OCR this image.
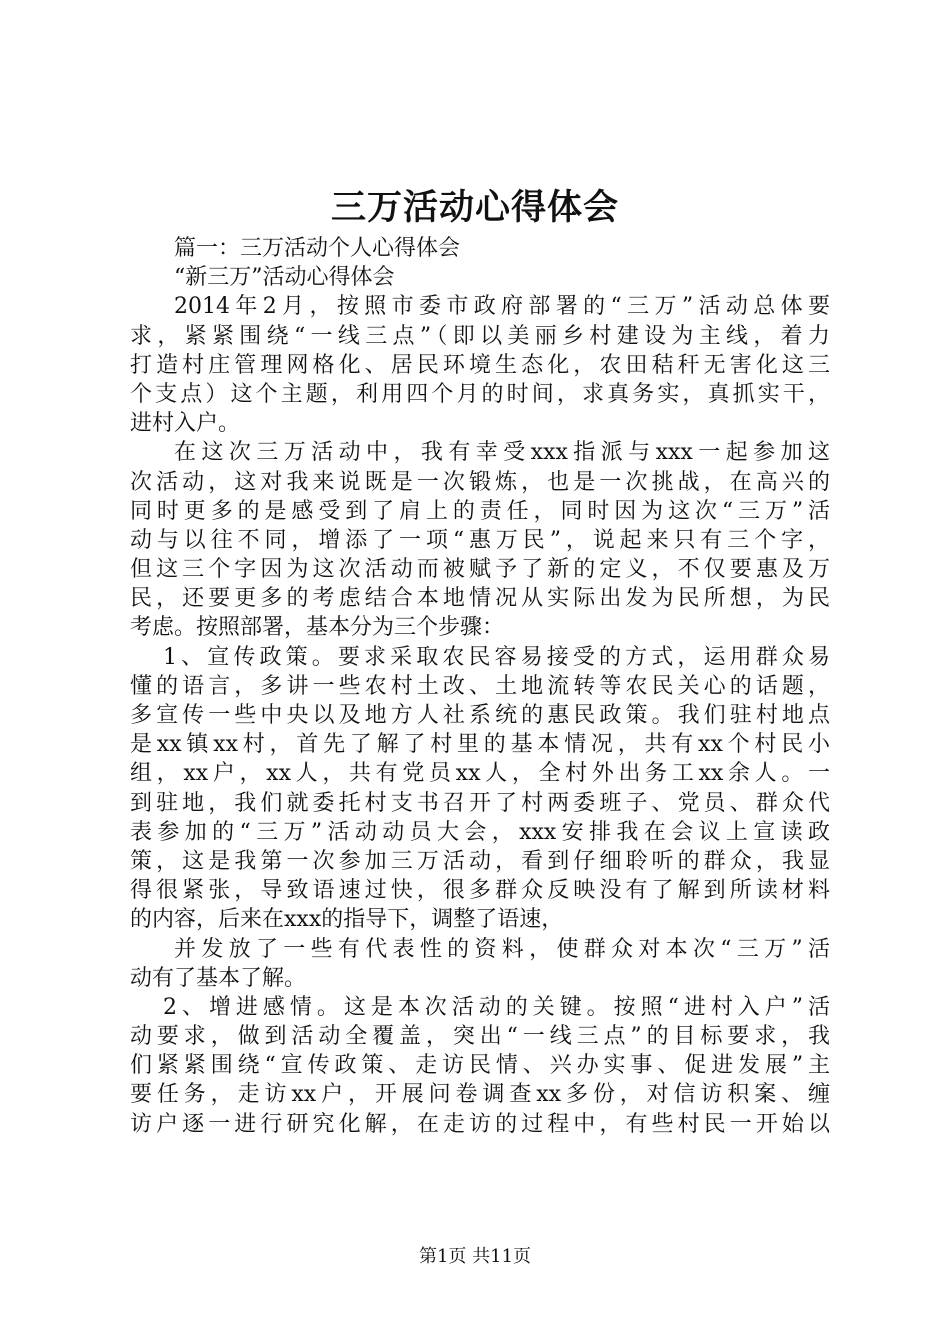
三万活动心得体会
篇一：三万活动个人心得体会
“新三万”活动心得体会
2014年2月，按照市委市政府部署的“三万”活动总体要
求，紧紧围绕“一线三点”（即以美丽乡村建设为主线，着力
打造村庄管理网格化、居民环境生态化，农田秸秆无害化这三
个支点）这个主题，利用四个月的时间，求真务实，真抓实干，
进村入户。
在这次三万活动中，我有幸受xxx指派与xxx一起参加这
次活动，这对我来说既是一次锻炼，也是一次挑战，在高兴的
同时更多的是感受到了肩上的责任，同时因为这次“三万”活
动与以往不同，增添了一项“惠万民”，说起来只有三个字，
但这三个字因为这次活动而被赋予了新的定义，不仅要惠及万
民，还要更多的考虑结合本地情况从实际出发为民所想，为民
考虑。按照部署，基本分为三个步骤：
1、宣传政策。要求采取农民容易接受的方式，运用群众易
懂的语言，多讲一些农村土改、土地流转等农民关心的话题，
多宣传一些中央以及地方人社系统的惠民政策。我们驻村地点
是xx镇xx村，首先了解了村里的基本情况，共有xx个村民小
组，xx户，xx人，共有党员xx人，全村外出务工xx余人。一
到驻地，我们就委托村支书召开了村两委班子、党员、群众代
表参加的“三万”活动动员大会，xxx安排我在会议上宣读政
策，这是我第一次参加三万活动，看到仔细聆听的群众，我显
得很紧张，导致语速过快，很多群众反映没有了解到所读材料
的内容，后来在xxx的指导下，调整了语速，
并发放了一些有代表性的资料，使群众对本次“三万”活
动有了基本了解。
2、增进感情。这是本次活动的关键。按照“进村入户”活
动要求，做到活动全覆盖，突出“一线三点”的目标要求，我
们紧紧围绕“宣传政策、走访民情、兴办实事、促进发展”主
要任务，走访xx户，开展问卷调查xx多份，对信访积案、缠
访户逐一进行研究化解，在走访的过程中，有些村民一开始以
第1页 共11页
